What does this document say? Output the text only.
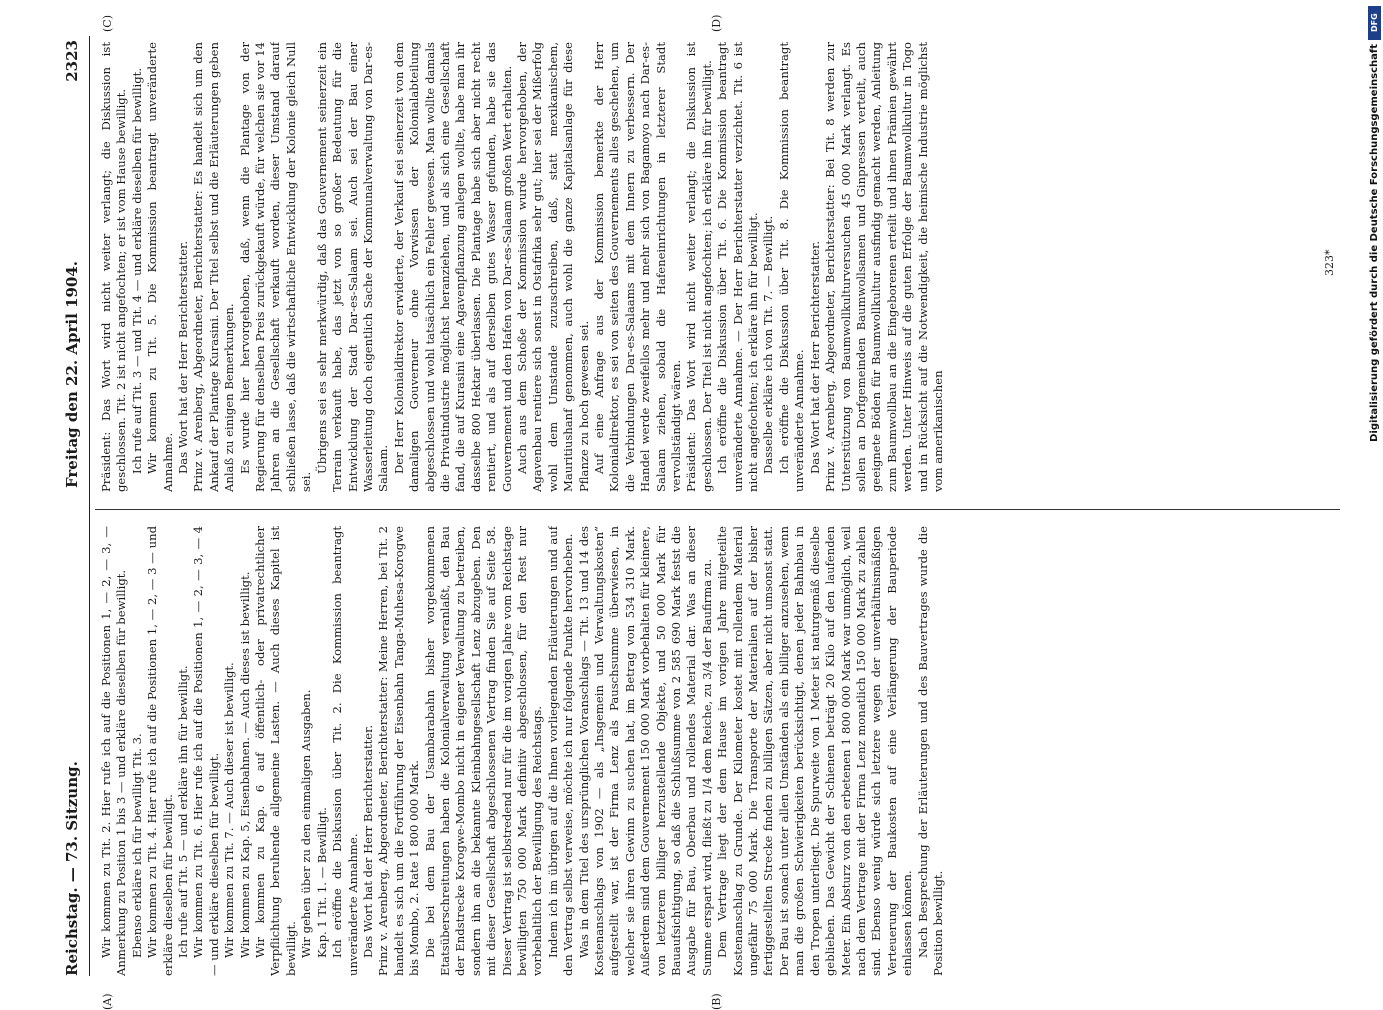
Reichstag. — 73. Sitzung.
Freitag den 22. April 1904.
2323
(A)	(B)
(C)	(D)

Wir kommen zu Tit. 2. Hier rufe ich auf die Positionen 1, — 2, — 3, — Anmerkung zu Position 1 bis 3 — und erkläre dieselben für bewilligt. Ebenso erkläre ich für bewilligt Tit. 3. Wir kommen zu Tit. 4. Hier rufe ich auf die Positionen 1, — 2, — 3 — und erkläre dieselben für bewilligt. Ich rufe auf Tit. 5 — und erkläre ihn für bewilligt. Wir kommen zu Tit. 6. Hier rufe ich auf die Positionen 1, — 2, — 3, — 4 — und erkläre dieselben für bewilligt. Wir kommen zu Tit. 7. — Auch dieser ist bewilligt. Wir kommen zu Kap. 5, Eisenbahnen. — Auch dieses ist bewilligt. Wir kommen zu Kap. 6 auf öffentlich- oder privatrechtlicher Verpflichtung beruhende allgemeine Lasten. — Auch dieses Kapitel ist bewilligt. Wir gehen über zu den einmaligen Ausgaben. Kap. 1 Tit. 1. — Bewilligt. Ich eröffne die Diskussion über Tit. 2. Die Kommission beantragt unveränderte Annahme. Das Wort hat der Herr Berichterstatter. Prinz v. Arenberg, Abgeordneter, Berichterstatter: Meine Herren, bei Tit. 2 handelt es sich um die Fortführung der Eisenbahn Tanga-Muhesa-Korogwe bis Mombo, 2. Rate 1 800 000 Mark. Die bei dem Bau der Usambarabahn bisher vorgekommenen Etatsüberschreitungen haben die Kolonialverwaltung veranlaßt, den Bau der Endstrecke Korogwe-Mombo nicht in eigener Verwaltung zu betreiben, sondern ihn an die bekannte Kleinbahngesellschaft Lenz abzugeben. Den mit dieser Gesellschaft abgeschlossenen Vertrag finden Sie auf Seite 58. Dieser Vertrag ist selbstredend nur für die im vorigen Jahre vom Reichstage bewilligten 750 000 Mark definitiv abgeschlossen, für den Rest nur vorbehaltlich der Bewilligung des Reichstags. Indem ich im übrigen auf die Ihnen vorliegenden Erläuterungen und auf den Vertrag selbst verweise, möchte ich nur folgende Punkte hervorheben. Was in dem Titel des ursprünglichen Voranschlags — Tit. 13 und 14 des Kostenanschlags von 1902 — als „Insgemein und Verwaltungskosten“ aufgestellt war, ist der Firma Lenz als Pauschsumme überwiesen, in welcher sie ihren Gewinn zu suchen hat, im Betrag von 534 310 Mark. Außerdem sind dem Gouvernement 150 000 Mark vorbehalten für kleinere, von letzterem billiger herzustellende Objekte, und 50 000 Mark für Bauaufsichtigung, so daß die Schlußsumme von 2 585 690 Mark festst die Ausgabe für Bau, Oberbau und rollendes Material dar. Was an dieser Summe erspart wird, fließt zu 1/4 dem Reiche, zu 3/4 der Baufirma zu. Dem Vertrage liegt der dem Hause im vorigen Jahre mitgeteilte Kostenanschlag zu Grunde. Der Kilometer kostet mit rollendem Material ungefähr 75 000 Mark. Die Transporte der Materialien auf der bisher fertiggestellten Strecke finden zu billigen Sätzen, aber nicht umsonst statt. Der Bau ist sonach unter allen Umständen als ein billiger anzusehen, wenn man die großen Schwierigkeiten berücksichtigt, denen jeder Bahnbau in den Tropen unterliegt. Die Spurweite von 1 Meter ist naturgemäß dieselbe geblieben. Das Gewicht der Schienen beträgt 20 Kilo auf den laufenden Meter. Ein Absturz von den erbetenen 1 800 000 Mark war unmöglich, weil nach dem Vertrage mit der Firma Lenz monatlich 150 000 Mark zu zahlen sind. Ebenso wenig würde sich letztere wegen der unverhältnismäßigen Verteuerung der Baukosten auf eine Verlängerung der Bauperiode einlassen können. Nach Besprechung der Erläuterungen und des Bauvertrages wurde die Position bewilligt.

Präsident: Das Wort wird nicht weiter verlangt; die Diskussion ist geschlossen. Tit. 2 ist nicht angefochten; er ist vom Hause bewilligt. Ich rufe auf Tit. 3 — und Tit. 4 — und erkläre dieselben für bewilligt. Wir kommen zu Tit. 5. Die Kommission beantragt unveränderte Annahme. Das Wort hat der Herr Berichterstatter. Prinz v. Arenberg, Abgeordneter, Berichterstatter: Es handelt sich um den Ankauf der Plantage Kurasini. Der Titel selbst und die Erläuterungen geben Anlaß zu einigen Bemerkungen. Es wurde hier hervorgehoben, daß, wenn die Plantage von der Regierung für denselben Preis zurückgekauft würde, für welchen sie vor 14 Jahren an die Gesellschaft verkauft worden, dieser Umstand darauf schließen lasse, daß die wirtschaftliche Entwicklung der Kolonie gleich Null sei.

Übrigens sei es sehr merkwürdig, daß das Gouvernement seinerzeit ein Terrain verkauft habe, das jetzt von so großer Bedeutung für die Entwicklung der Stadt Dar-es-Salaam sei. Auch sei der Bau einer Wasserleitung doch eigentlich Sache der Kommunalverwaltung von Dar-es-Salaam. Der Herr Kolonialdirektor erwiderte, der Verkauf sei seinerzeit von dem damaligen Gouverneur ohne Vorwissen der Kolonialabteilung abgeschlossen und wohl tatsächlich ein Fehler gewesen. Man wollte damals die Privatindustrie möglichst heranziehen, und als sich eine Gesellschaft fand, die auf Kurasini eine Agavenpflanzung anlegen wollte, habe man ihr dasselbe 800 Hektar überlassen. Die Plantage habe sich aber nicht recht rentiert, und als auf derselben gutes Wasser gefunden, habe sie das Gouvernement und den Hafen von Dar-es-Salaam großen Wert erhalten. Auch aus dem Schoße der Kommission wurde hervorgehoben, der Agavenbau rentiere sich sonst in Ostafrika sehr gut; hier sei der Mißerfolg wohl dem Umstande zuzuschreiben, daß, statt mexikanischem, Mauritiushanf genommen, auch wohl die ganze Kapitalsanlage für diese Pflanze zu hoch gewesen sei. Auf eine Anfrage aus der Kommission bemerkte der Herr Kolonialdirektor, es sei von seiten des Gouvernements alles geschehen, um die Verbindungen Dar-es-Salaams mit dem Innern zu verbessern. Der Handel werde zweifellos mehr und mehr sich von Bagamoyo nach Dar-es-Salaam ziehen, sobald die Hafeneinrichtungen in letzterer Stadt vervollständigt wären. Präsident: Das Wort wird nicht weiter verlangt; die Diskussion ist geschlossen. Der Titel ist nicht angefochten; ich erkläre ihn für bewilligt. Ich eröffne die Diskussion über Tit. 6. Die Kommission beantragt unveränderte Annahme. — Der Herr Berichterstatter verzichtet. Tit. 6 ist nicht angefochten; ich erkläre ihn für bewilligt. Dasselbe erkläre ich von Tit. 7. — Bewilligt. Ich eröffne die Diskussion über Tit. 8. Die Kommission beantragt unveränderte Annahme. Das Wort hat der Herr Berichterstatter. Prinz v. Arenberg, Abgeordneter, Berichterstatter: Bei Tit. 8 werden zur Unterstützung von Baumwollkulturversuchen 45 000 Mark verlangt. Es sollen an Dorfgemeinden Baumwollsamen und Ginpressen verteilt, auch geeignete Böden für Baumwollkultur ausfindig gemacht werden, Anleitung zum Baumwollbau an die Eingeborenen erteilt und ihnen Prämien gewährt werden. Unter Hinweis auf die guten Erfolge der Baumwollkultur in Togo und in Rücksicht auf die Notwendigkeit, die heimische Industrie möglichst vom amerikanischen

323*
DFG
Digitalisierung gefördert durch die Deutsche Forschungsgemeinschaft
